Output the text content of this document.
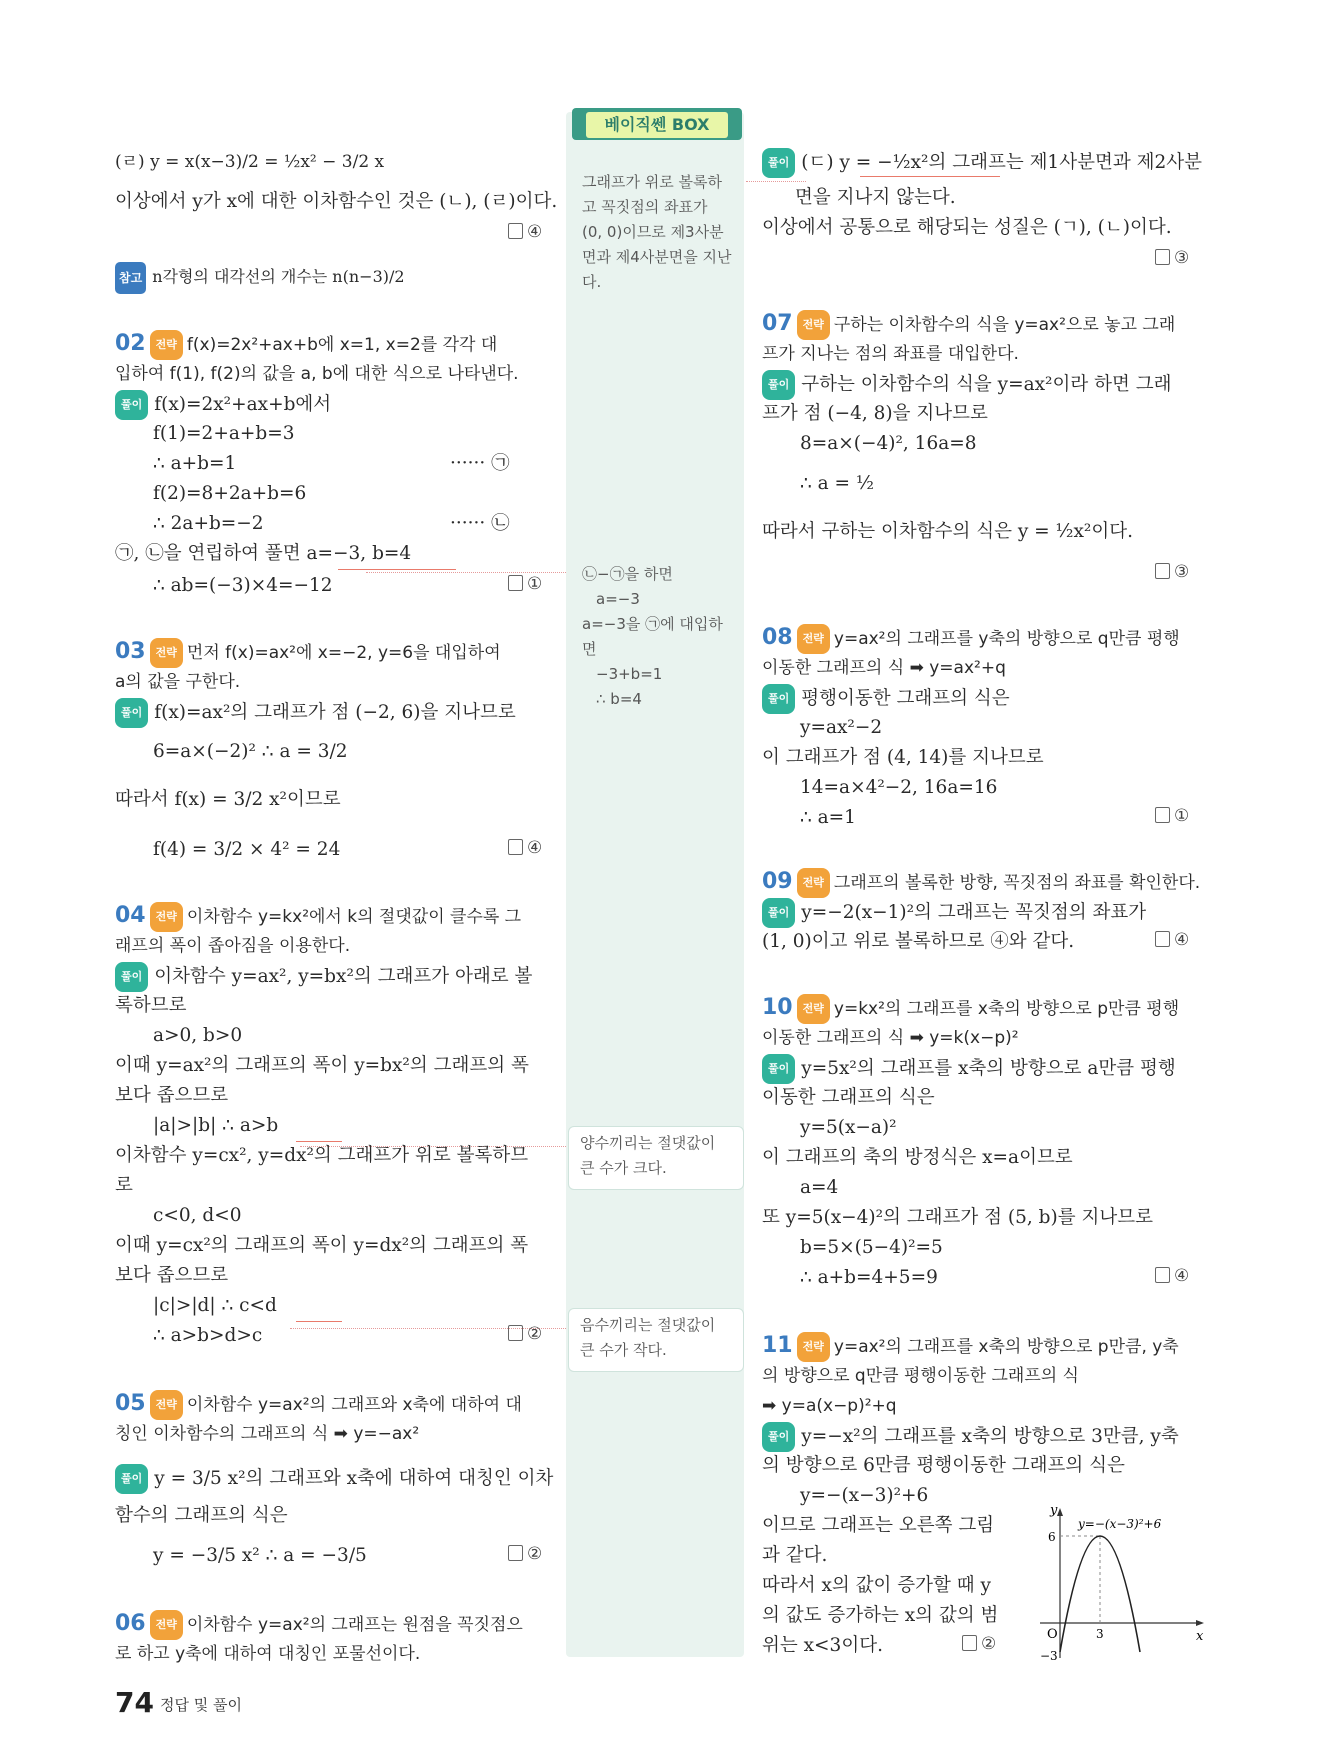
베이직쎈 BOX
그래프가 위로 볼록하
고 꼭짓점의 좌표가
(0, 0)이므로 제3사분
면과 제4사분면을 지난
다.
㉡−㉠을 하면
a=−3
a=−3을 ㉠에 대입하
면
−3+b=1
∴ b=4
양수끼리는 절댓값이
큰 수가 크다.
음수끼리는 절댓값이
큰 수가 작다.
(ㄹ) y = x(x−3)/2 = ½x² − 3/2 x
이상에서 y가 x에 대한 이차함수인 것은 (ㄴ), (ㄹ)이다.
④
참고 n각형의 대각선의 개수는 n(n−3)/2
02 전략 f(x)=2x²+ax+b에 x=1, x=2를 각각 대
입하여 f(1), f(2)의 값을 a, b에 대한 식으로 나타낸다.
풀이 f(x)=2x²+ax+b에서
f(1)=2+a+b=3
∴ a+b=1	······ ㉠
f(2)=8+2a+b=6
∴ 2a+b=−2	······ ㉡
㉠, ㉡을 연립하여 풀면 a=−3, b=4
∴ ab=(−3)×4=−12	①
03 전략 먼저 f(x)=ax²에 x=−2, y=6을 대입하여
a의 값을 구한다.
풀이 f(x)=ax²의 그래프가 점 (−2, 6)을 지나므로
6=a×(−2)² ∴ a = 3/2
따라서 f(x) = 3/2 x²이므로
f(4) = 3/2 × 4² = 24	④
04 전략 이차함수 y=kx²에서 k의 절댓값이 클수록 그
래프의 폭이 좁아짐을 이용한다.
풀이 이차함수 y=ax², y=bx²의 그래프가 아래로 볼
록하므로
a>0, b>0
이때 y=ax²의 그래프의 폭이 y=bx²의 그래프의 폭
보다 좁으므로
|a|>|b| ∴ a>b
이차함수 y=cx², y=dx²의 그래프가 위로 볼록하므
로
c<0, d<0
이때 y=cx²의 그래프의 폭이 y=dx²의 그래프의 폭
보다 좁으므로
|c|>|d| ∴ c<d
∴ a>b>d>c	②
05 전략 이차함수 y=ax²의 그래프와 x축에 대하여 대
칭인 이차함수의 그래프의 식 ➡ y=−ax²
풀이 y = 3/5 x²의 그래프와 x축에 대하여 대칭인 이차
함수의 그래프의 식은
y = −3/5 x² ∴ a = −3/5	②
06 전략 이차함수 y=ax²의 그래프는 원점을 꼭짓점으
로 하고 y축에 대하여 대칭인 포물선이다.
풀이 (ㄷ) y = −½x²의 그래프는 제1사분면과 제2사분
면을 지나지 않는다.
이상에서 공통으로 해당되는 성질은 (ㄱ), (ㄴ)이다.
③
07 전략 구하는 이차함수의 식을 y=ax²으로 놓고 그래
프가 지나는 점의 좌표를 대입한다.
풀이 구하는 이차함수의 식을 y=ax²이라 하면 그래
프가 점 (−4, 8)을 지나므로
8=a×(−4)², 16a=8
∴ a = ½
따라서 구하는 이차함수의 식은 y = ½x²이다.
③
08 전략 y=ax²의 그래프를 y축의 방향으로 q만큼 평행
이동한 그래프의 식 ➡ y=ax²+q
풀이 평행이동한 그래프의 식은
y=ax²−2
이 그래프가 점 (4, 14)를 지나므로
14=a×4²−2, 16a=16
∴ a=1	①
09 전략 그래프의 볼록한 방향, 꼭짓점의 좌표를 확인한다.
풀이 y=−2(x−1)²의 그래프는 꼭짓점의 좌표가
(1, 0)이고 위로 볼록하므로 ④와 같다.	④
10 전략 y=kx²의 그래프를 x축의 방향으로 p만큼 평행
이동한 그래프의 식 ➡ y=k(x−p)²
풀이 y=5x²의 그래프를 x축의 방향으로 a만큼 평행
이동한 그래프의 식은
y=5(x−a)²
이 그래프의 축의 방정식은 x=a이므로
a=4
또 y=5(x−4)²의 그래프가 점 (5, b)를 지나므로
b=5×(5−4)²=5
∴ a+b=4+5=9	④
11 전략 y=ax²의 그래프를 x축의 방향으로 p만큼, y축
의 방향으로 q만큼 평행이동한 그래프의 식
➡ y=a(x−p)²+q
풀이 y=−x²의 그래프를 x축의 방향으로 3만큼, y축
의 방향으로 6만큼 평행이동한 그래프의 식은
y=−(x−3)²+6
이므로 그래프는 오른쪽 그림
과 같다.
따라서 x의 값이 증가할 때 y
의 값도 증가하는 x의 값의 범
위는 x<3이다.	②
y
x
O
6
3
−3
y=−(x−3)²+6
74 정답 및 풀이
